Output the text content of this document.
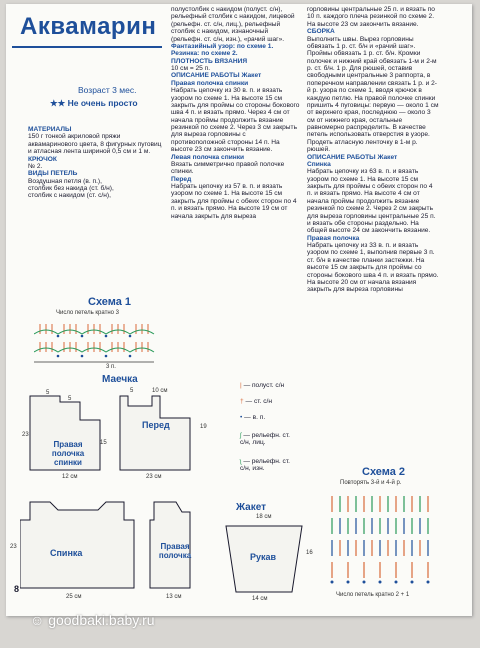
Аквамарин
Возраст 3 мес.
★★ Не очень просто
МАТЕРИАЛЫ
150 г тонкой акриловой пряжи аквамаринового цвета, 8 фигурных пуговиц и атласная лента шириной 0,5 см и 1 м.
КРЮЧОК
№ 2.
ВИДЫ ПЕТЕЛЬ
Воздушная петля (в. п.),
столбик без накида (ст. б/н),
столбик с накидом (ст. с/н),
полустолбик с накидом (полуст. с/н), рельефный столбик с накидом, лицевой (рельефн. ст. с/н, лиц.), рельефный столбик с накидом, изнаночный (рельефн. ст. с/н, изн.), «рачий шаг».
Фантазийный узор: по схеме 1.
Резинка: по схеме 2.
ПЛОТНОСТЬ ВЯЗАНИЯ
10 см = 25 п.
ОПИСАНИЕ РАБОТЫ Жакет
Правая полочка спинки
Набрать цепочку из 30 в. п. и вязать узором по схеме 1. На высоте 15 см закрыть для проймы со стороны бокового шва 4 п. и вязать прямо. Через 4 см от начала проймы продолжить вязание резинкой по схеме 2. Через 3 см закрыть для выреза горловины с противоположной стороны 14 п. На высоте 23 см закончить вязание.
Левая полочка спинки
Вязать симметрично правой полочке спинки.
Перед
Набрать цепочку из 57 в. п. и вязать узором по схеме 1. На высоте 15 см закрыть для проймы с обеих сторон по 4 п. и вязать прямо. На высоте 19 см от начала закрыть для выреза
горловины центральные 25 п. и вязать по 10 п. каждого плеча резинкой по схеме 2. На высоте 23 см закончить вязание.
СБОРКА
Выполнить швы. Вырез горловины обвязать 1 р. ст. б/н и «рачий шаг». Проймы обвязать 1 р. ст. б/н. Кромки полочек и нижний край обвязать 1-м и 2-м р. ст. б/н. 1 р. Для рюшей, оставив свободными центральные 3 раппорта, в поперечном направлении связать 1 р. и 2-й р. узора по схеме 1, вводя крючок в каждую петлю. На правой полочке спинки пришить 4 пуговицы: первую — около 1 см от верхнего края, последнюю — около 3 см от нижнего края, остальные равномерно распределить. В качестве петель использовать отверстия в узоре. Продеть атласную ленточку в 1-м р. рюшей.
ОПИСАНИЕ РАБОТЫ Жакет
Спинка
Набрать цепочку из 63 в. п. и вязать узором по схеме 1. На высоте 15 см закрыть для проймы с обеих сторон по 4 п. и вязать прямо. На высоте 4 см от начала проймы продолжить вязание резинкой по схеме 2. Через 2 см закрыть для выреза горловины центральные 25 п. и вязать обе стороны раздельно. На общей высоте 24 см закончить вязание.
Правая полочка
Набрать цепочку из 33 в. п. и вязать узором по схеме 1, выполнив первые 3 п. ст. б/н в качестве планки застежки. На высоте 15 см закрыть для проймы со стороны бокового шва 4 п. и вязать прямо. На высоте 20 см от начала вязания закрыть для выреза горловины
Схема 1
Число петель кратно 3
3 п.
Маечка
Правая полочка спинки
Перед
5
5
23
15
12 см
5	10 см
19
23 см
| — полуст. с/н
† — ст. с/н
• — в. п.
ʃ — рельефн. ст. с/н, лиц.
ʅ — рельефн. ст. с/н, изн.
Спинка
Правая полочка
23
25 см	13 см
Жакет
Рукав
18 см
14 см
16
Схема 2
Повторять 3-й и 4-й р.
Число петель кратно 2 + 1
8
☺ goodbaki.baby.ru
